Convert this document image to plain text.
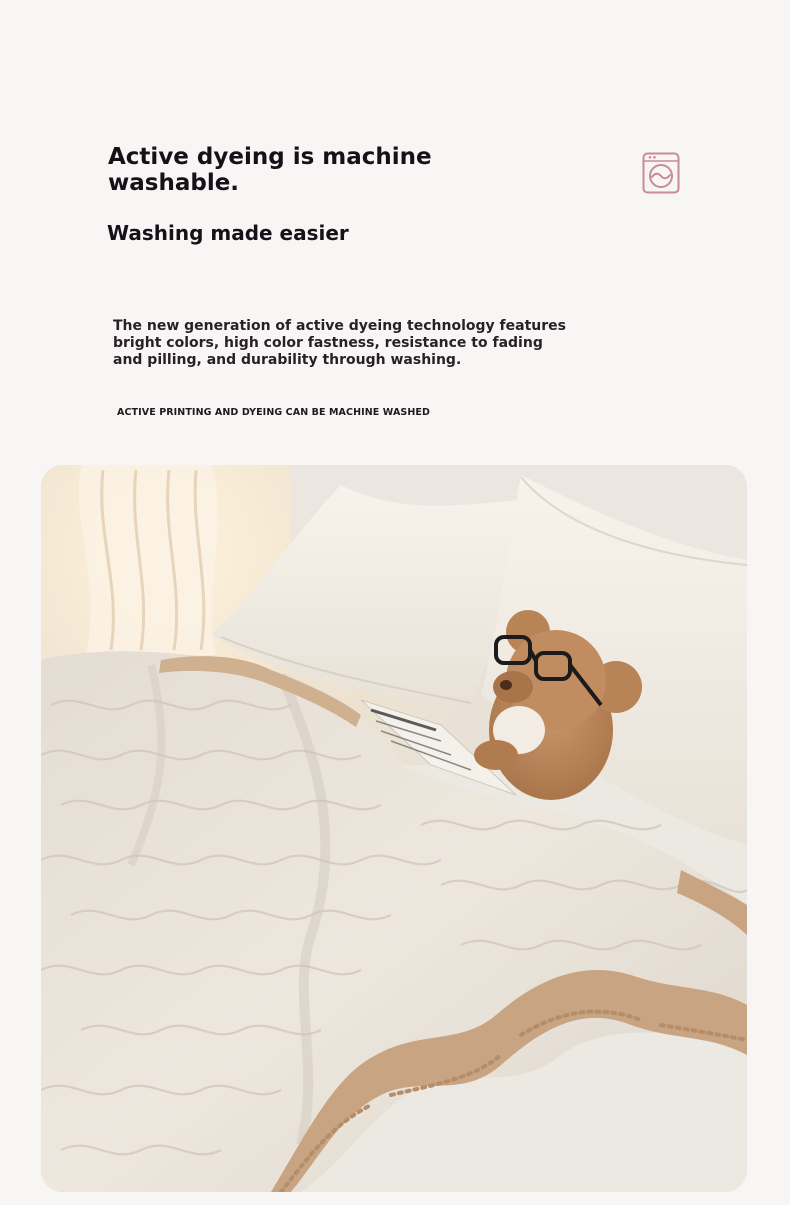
Active dyeing is machine washable.
Washing made easier

The new generation of active dyeing technology features bright colors, high color fastness, resistance to fading and pilling, and durability through washing.

ACTIVE PRINTING AND DYEING CAN BE MACHINE WASHED
